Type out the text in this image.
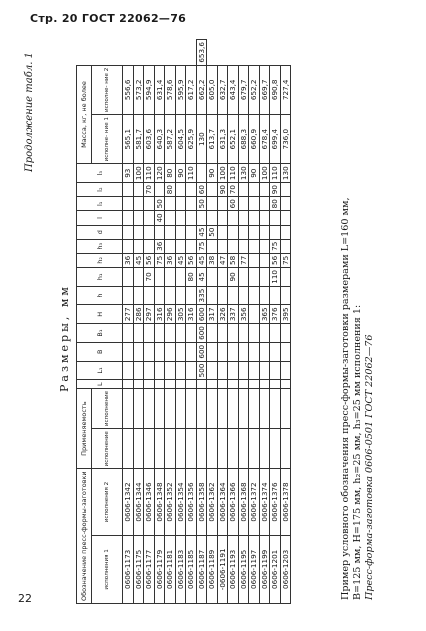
Стр. 20 ГОСТ 22062—76
22
Продолжение табл. 1
Размеры, мм
Обозначение пресс-формы-заготовки		Применяемость		L	L₁	B	B₁	H	h	h₁	h₂	h₃	d	l	l₁	l₂	l₃	Масса, кг, не более		
исполнения 1	исполнения 2	исполнение	исполнение															исполне- ние 1	исполне- ние 2	
0606-1173	0606-1342							277			36						93	565,1	556,6	
0606-1175	0606-1344							286			45						100	581,7	573,2	
0606-1177	0606-1346							297		70	56					70	110	603,6	594,9	
0606-1179	0606-1348							316			75	36		40	50		120	640,3	631,4	
0606-1181	0606-1352							296			36					80	80	587,2	578,6	
0606-1183	0606-1354							305			45						90	604,5	595,9	
0606-1185	0606-1356							316		80	56						110	625,9	617,2	
0606-1187	0606-1358				500	600	600	600	335	45	45	75	45		50	60		130	662,2	653,6
0606-1189	0606-1362							317			38		50				90	613,7	605,0	
-0606-1191	0606-1364							326			47					90	100	631,3	632,7	
0606-1193	0606-1366							337		90	58				60	70	110	652,1	643,4	
0606-1195	0606-1368							356			77						130	688,3	679,7	
0606-1197	0606-1372																90	660,9	652,2	
0606-1199	0606-1374							365									100	678,4	669,7	
0606-1201	0606-1376							376		110	56	75			80	90	110	699,4	690,8	
0606-1203	0606-1378							395			75						130	736,0	727,4	
Пример условного обозначения пресс-формы-заготовки размерами L=160 мм, B=125 мм, H=175 мм, h₂=25 мм, h₃=25 мм исполнения 1: Пресс-форма-заготовка 0606-0501 ГОСТ 22062—76
